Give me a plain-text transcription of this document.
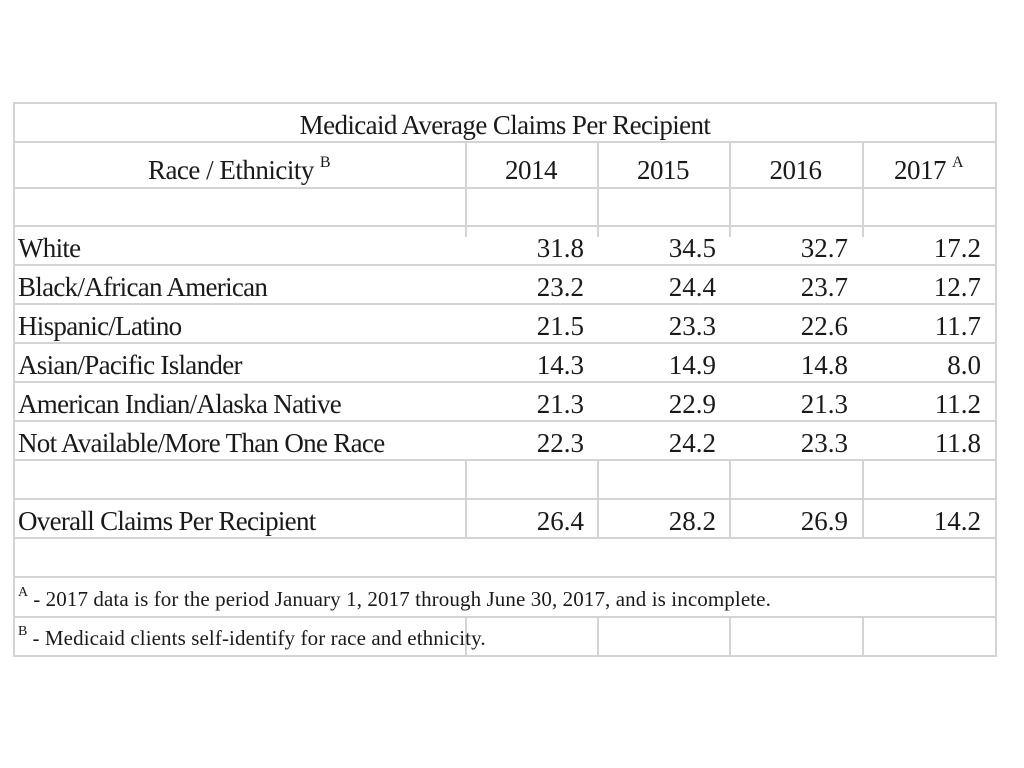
Medicaid Average Claims Per Recipient
Race / Ethnicity $^B$	2014	2015	2016	2017 $^A$
White	31.8	34.5	32.7	17.2
Black/African American	23.2	24.4	23.7	12.7
Hispanic/Latino	21.5	23.3	22.6	11.7
Asian/Pacific Islander	14.3	14.9	14.8	8.0
American Indian/Alaska Native	21.3	22.9	21.3	11.2
Not Available/More Than One Race	22.3	24.2	23.3	11.8
Overall Claims Per Recipient	26.4	28.2	26.9	14.2
$^A$ - 2017 data is for the period January 1, 2017 through June 30, 2017, and is incomplete.
$^B$ - Medicaid clients self-identify for race and ethnicity.
